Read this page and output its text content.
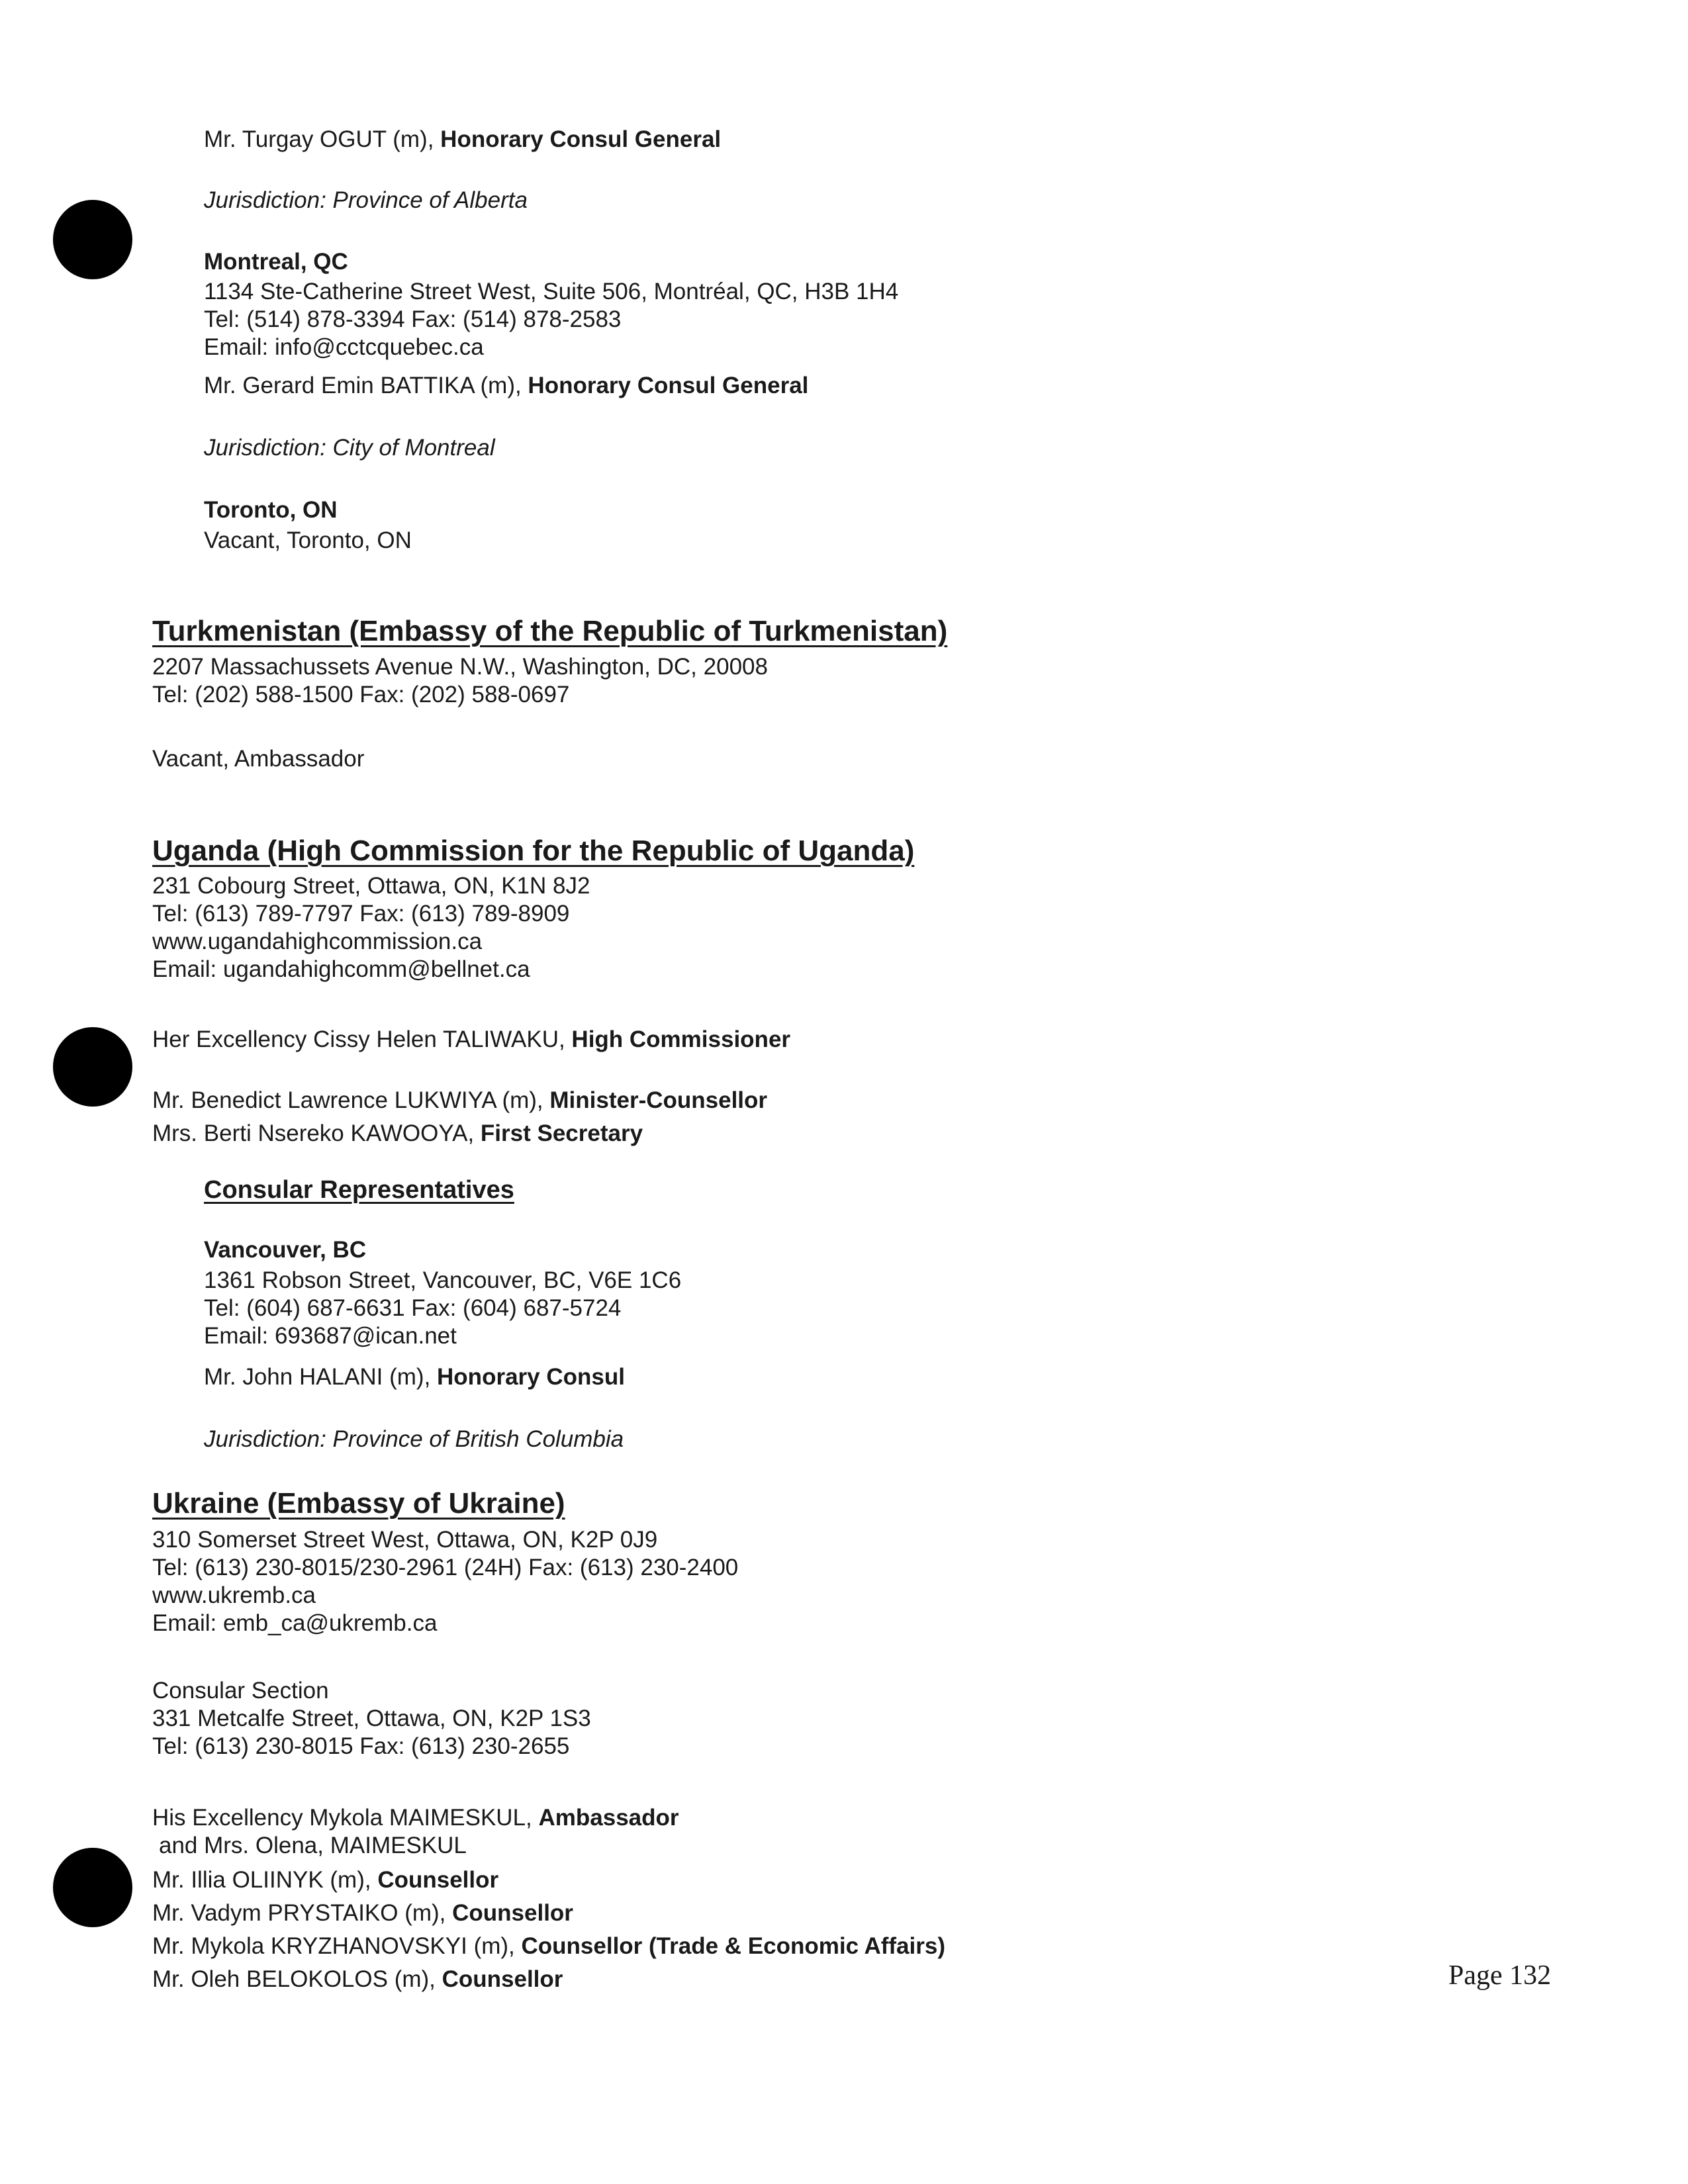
Mr. Turgay OGUT (m), Honorary Consul General
Jurisdiction: Province of Alberta
Montreal, QC
1134 Ste-Catherine Street West, Suite 506, Montréal, QC, H3B 1H4
Tel: (514) 878-3394 Fax: (514) 878-2583
Email: info@cctcquebec.ca
Mr. Gerard Emin BATTIKA (m), Honorary Consul General
Jurisdiction: City of Montreal
Toronto, ON
Vacant, Toronto, ON
Turkmenistan (Embassy of the Republic of Turkmenistan)
2207 Massachussets Avenue N.W., Washington, DC, 20008
Tel: (202) 588-1500 Fax: (202) 588-0697
Vacant, Ambassador
Uganda (High Commission for the Republic of Uganda)
231 Cobourg Street, Ottawa, ON, K1N 8J2
Tel: (613) 789-7797 Fax: (613) 789-8909
www.ugandahighcommission.ca
Email: ugandahighcomm@bellnet.ca
Her Excellency Cissy Helen TALIWAKU, High Commissioner
Mr. Benedict Lawrence LUKWIYA (m), Minister-Counsellor
Mrs. Berti Nsereko KAWOOYA, First Secretary
Consular Representatives
Vancouver, BC
1361 Robson Street, Vancouver, BC, V6E 1C6
Tel: (604) 687-6631 Fax: (604) 687-5724
Email: 693687@ican.net
Mr. John HALANI (m), Honorary Consul
Jurisdiction: Province of British Columbia
Ukraine (Embassy of Ukraine)
310 Somerset Street West, Ottawa, ON, K2P 0J9
Tel: (613) 230-8015/230-2961 (24H) Fax: (613) 230-2400
www.ukremb.ca
Email: emb_ca@ukremb.ca
Consular Section
331 Metcalfe Street, Ottawa, ON, K2P 1S3
Tel: (613) 230-8015 Fax: (613) 230-2655
His Excellency Mykola MAIMESKUL, Ambassador
and Mrs. Olena, MAIMESKUL
Mr. Illia OLIINYK (m), Counsellor
Mr. Vadym PRYSTAIKO (m), Counsellor
Mr. Mykola KRYZHANOVSKYI (m), Counsellor (Trade & Economic Affairs)
Mr. Oleh BELOKOLOS (m), Counsellor	Page 132
